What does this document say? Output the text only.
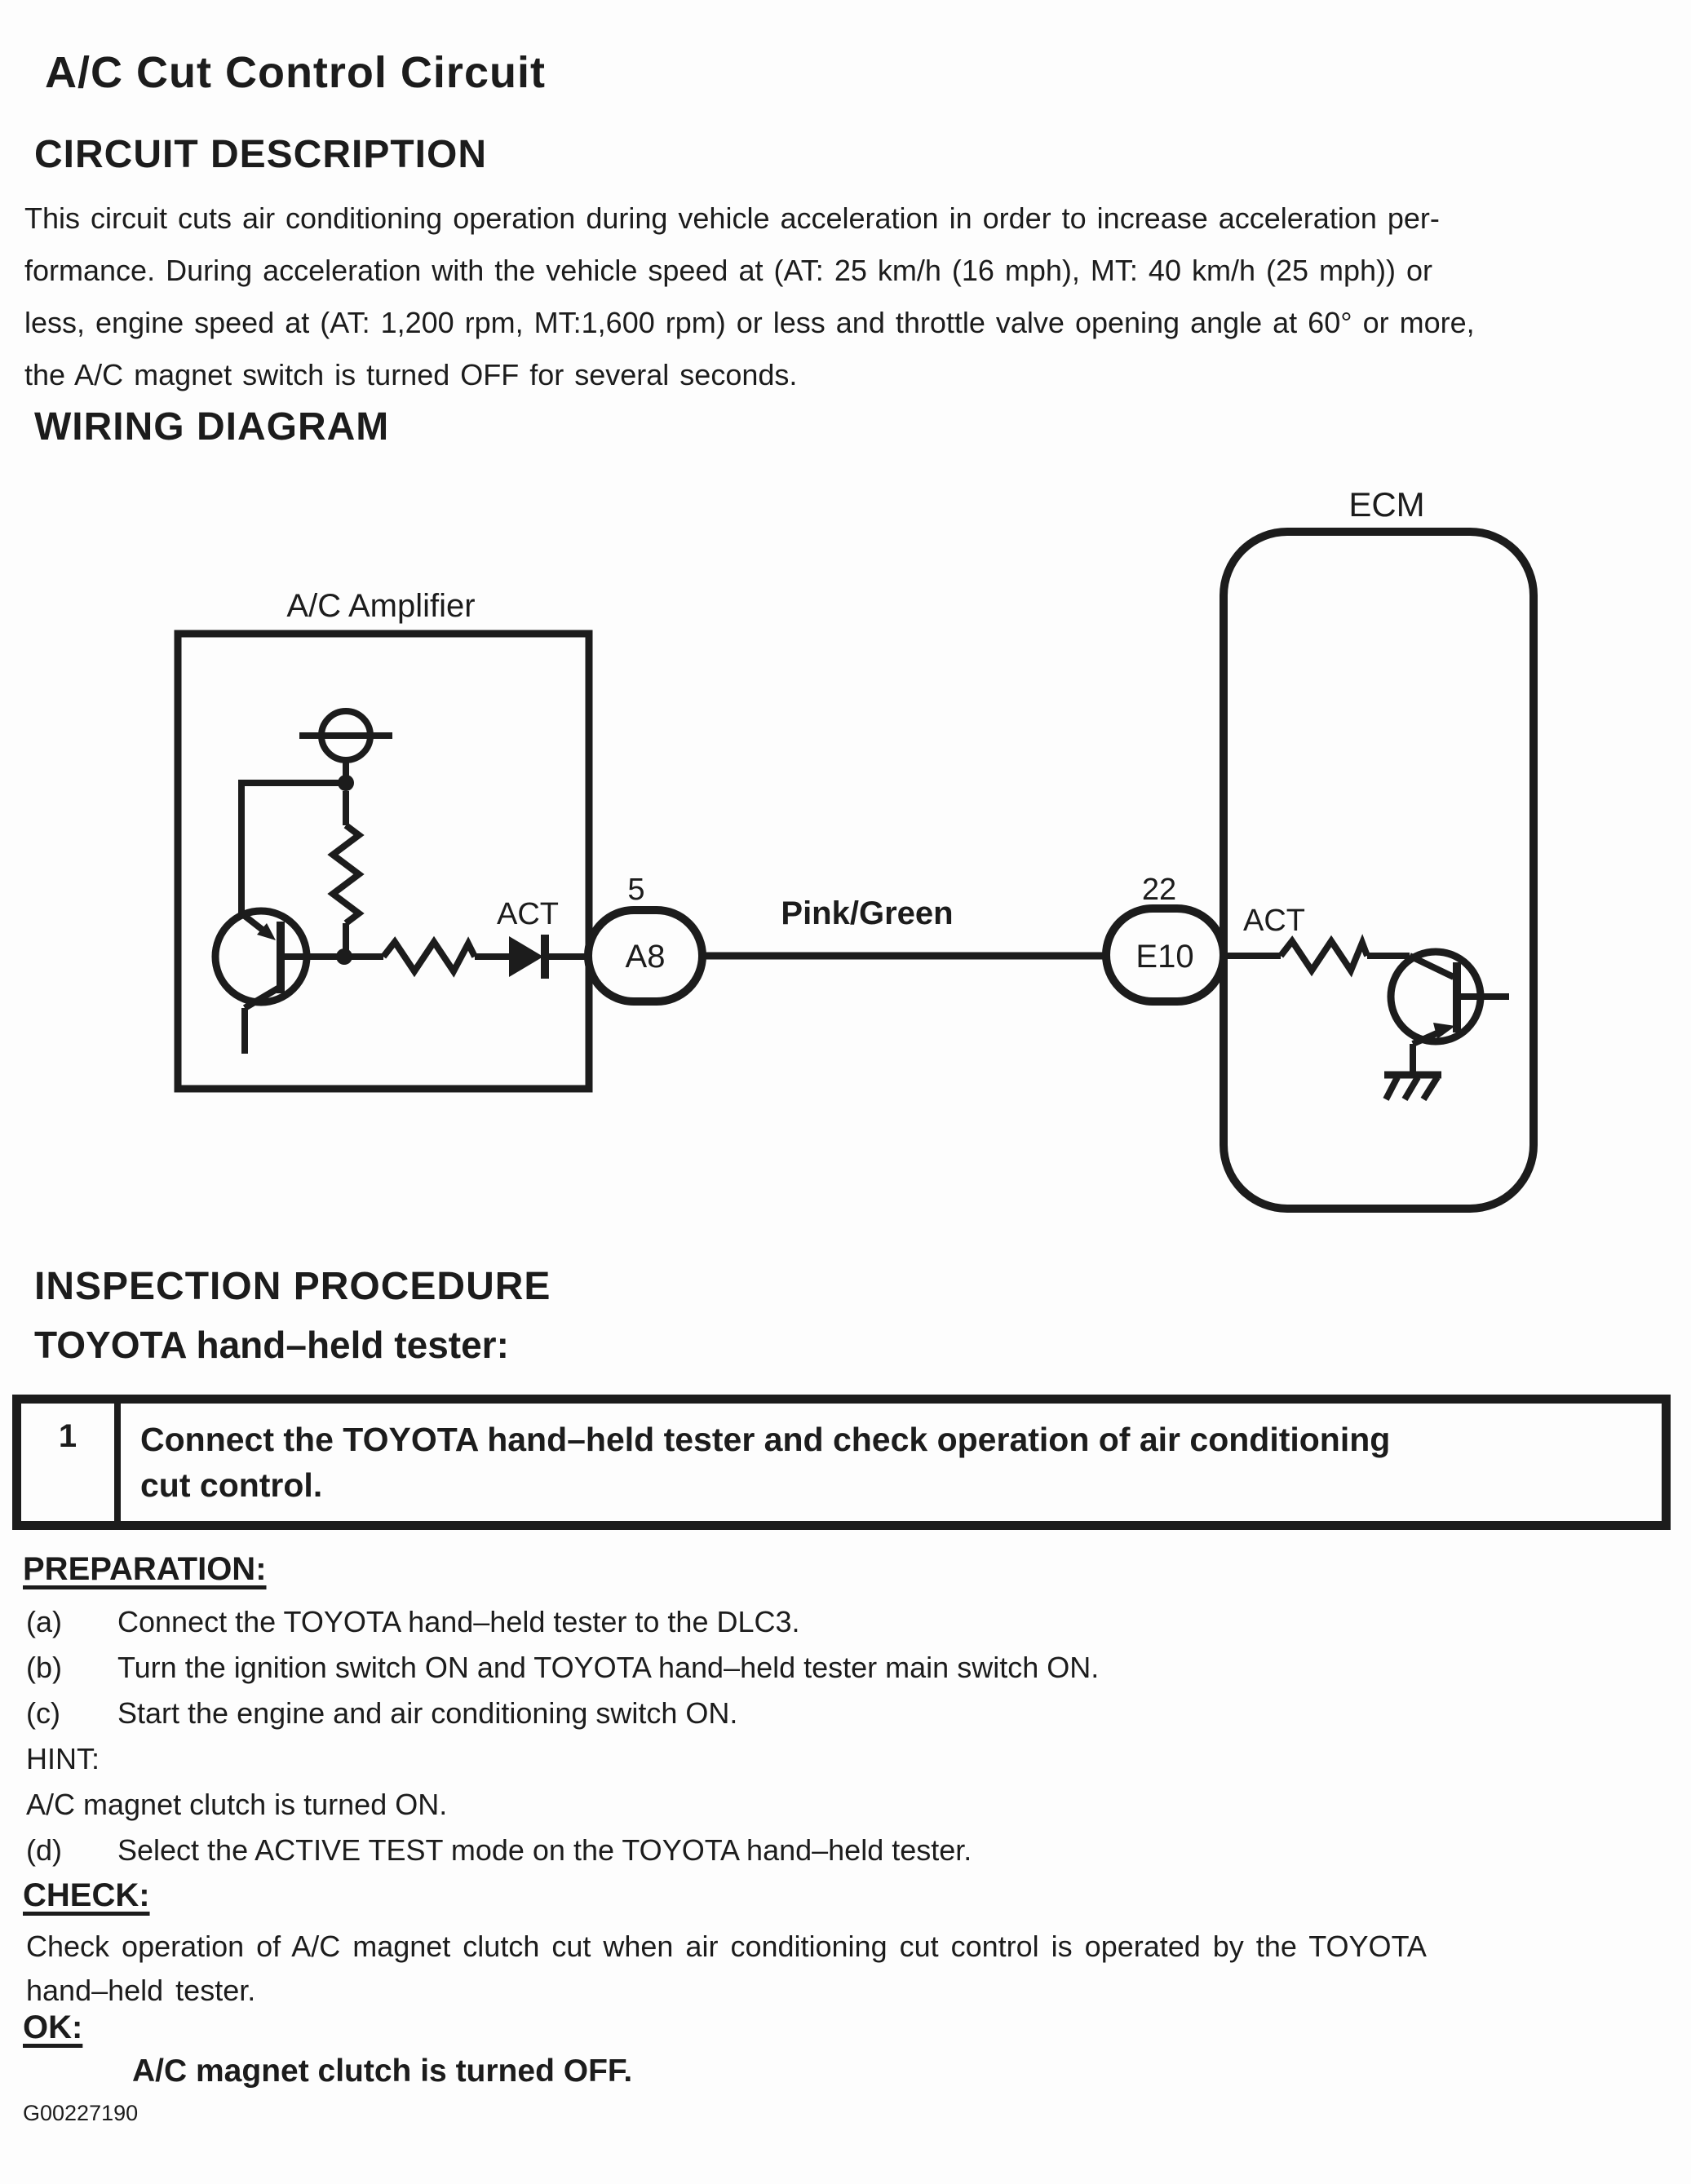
A/C Cut Control Circuit
CIRCUIT DESCRIPTION
This circuit cuts air conditioning operation during vehicle acceleration in order to increase acceleration per-
formance. During acceleration with the vehicle speed at (AT: 25 km/h (16 mph), MT: 40 km/h (25 mph)) or
less, engine speed at (AT: 1,200 rpm, MT:1,600 rpm) or less and throttle valve opening angle at 60° or more,
the A/C magnet switch is turned OFF for several seconds.
WIRING DIAGRAM
ECM
A/C Amplifier
ACT
5
A8
Pink/Green
22
E10
ACT
INSPECTION PROCEDURE
TOYOTA hand–held tester:
1	Connect the TOYOTA hand–held tester and check operation of air conditioning
cut control.
PREPARATION:
(a) Connect the TOYOTA hand–held tester to the DLC3.
(b) Turn the ignition switch ON and TOYOTA hand–held tester main switch ON.
(c) Start the engine and air conditioning switch ON.
HINT:
A/C magnet clutch is turned ON.
(d) Select the ACTIVE TEST mode on the TOYOTA hand–held tester.
CHECK:
Check operation of A/C magnet clutch cut when air conditioning cut control is operated by the TOYOTA
hand–held tester.
OK:
A/C magnet clutch is turned OFF.
G00227190
